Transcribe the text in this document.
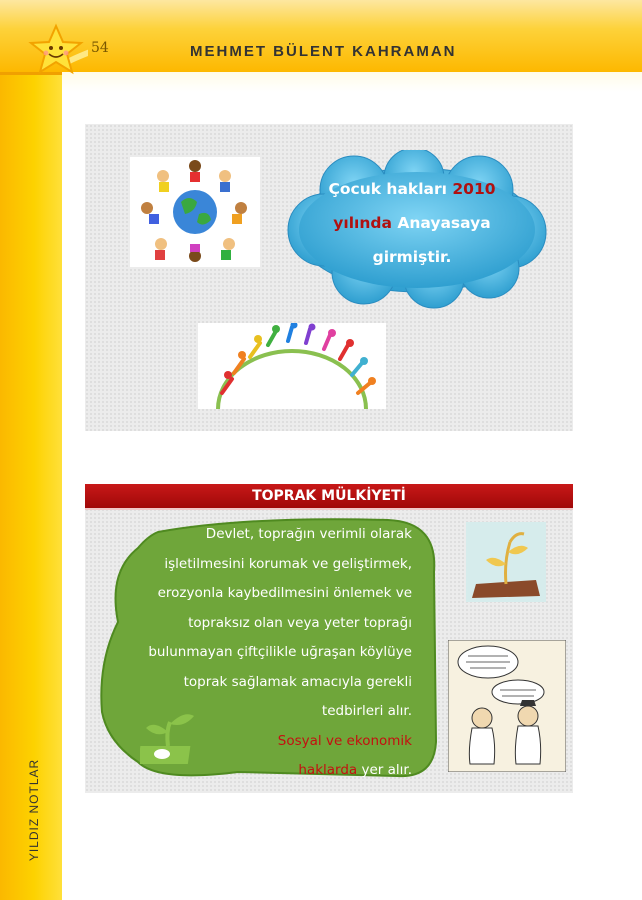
54	MEHMET BÜLENT KAHRAMAN
YILDIZ NOTLAR
Çocuk hakları 2010
yılında Anayasaya
girmiştir.
TOPRAK MÜLKİYETİ
Devlet, toprağın verimli olarak
işletilmesini korumak ve geliştirmek,
erozyonla kaybedilmesini önlemek ve
topraksız olan veya yeter toprağı
bulunmayan çiftçilikle uğraşan köylüye
toprak sağlamak amacıyla gerekli
tedbirleri alır.
Sosyal ve ekonomik
haklarda yer alır.
